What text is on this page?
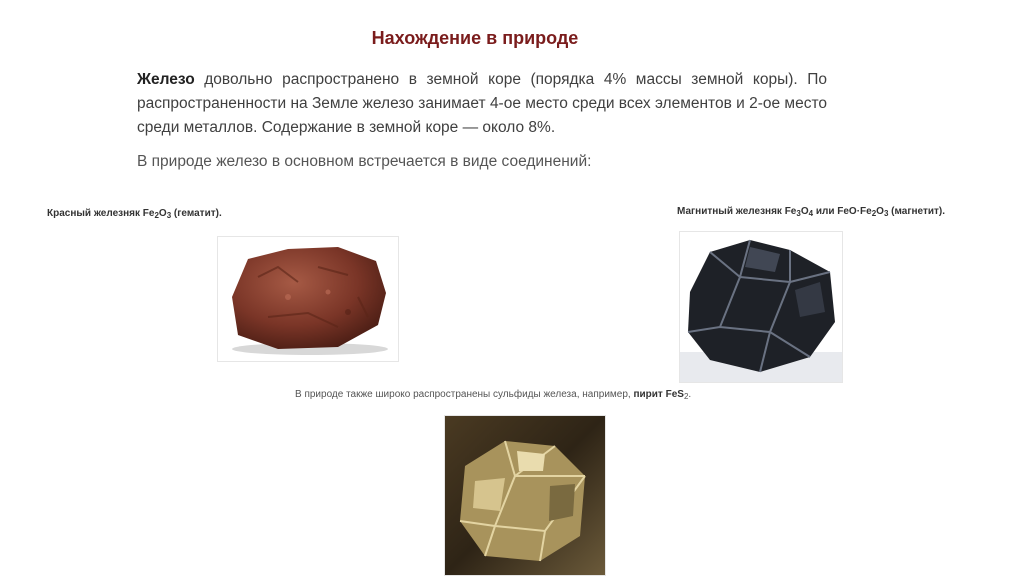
Нахождение в природе

Железо довольно распространено в земной коре (порядка 4% массы земной коры). По распространенности на Земле железо занимает 4-ое место среди всех элементов и 2-ое место среди металлов. Содержание в земной коре — около 8%.

В природе железо в основном встречается в виде соединений:

Красный железняк $Fe_2O_3$ (гематит).	Магнитный железняк $Fe_3O_4$ или $FeO\cdot Fe_2O_3$ (магнетит).

В природе также широко распространены сульфиды железа, например, пирит FeS$_2$.
